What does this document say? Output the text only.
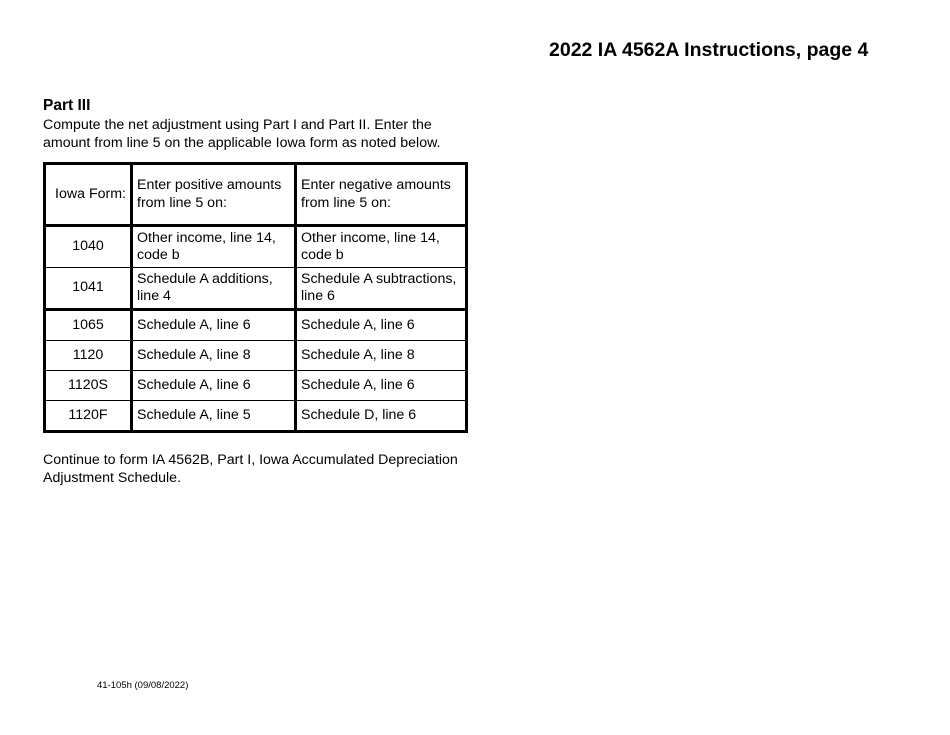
2022 IA 4562A Instructions, page 4
Part III
Compute the net adjustment using Part I and Part II. Enter the amount from line 5 on the applicable Iowa form as noted below.
Iowa Form:	Enter positive amounts from line 5 on:	Enter negative amounts from line 5 on:
1040	Other income, line 14, code b	Other income, line 14, code b
1041	Schedule A additions, line 4	Schedule A subtractions, line 6
1065	Schedule A, line 6	Schedule A, line 6
1120	Schedule A, line 8	Schedule A, line 8
1120S	Schedule A, line 6	Schedule A, line 6
1120F	Schedule A, line 5	Schedule D, line 6
Continue to form IA 4562B, Part I, Iowa Accumulated Depreciation Adjustment Schedule.
41-105h (09/08/2022)
